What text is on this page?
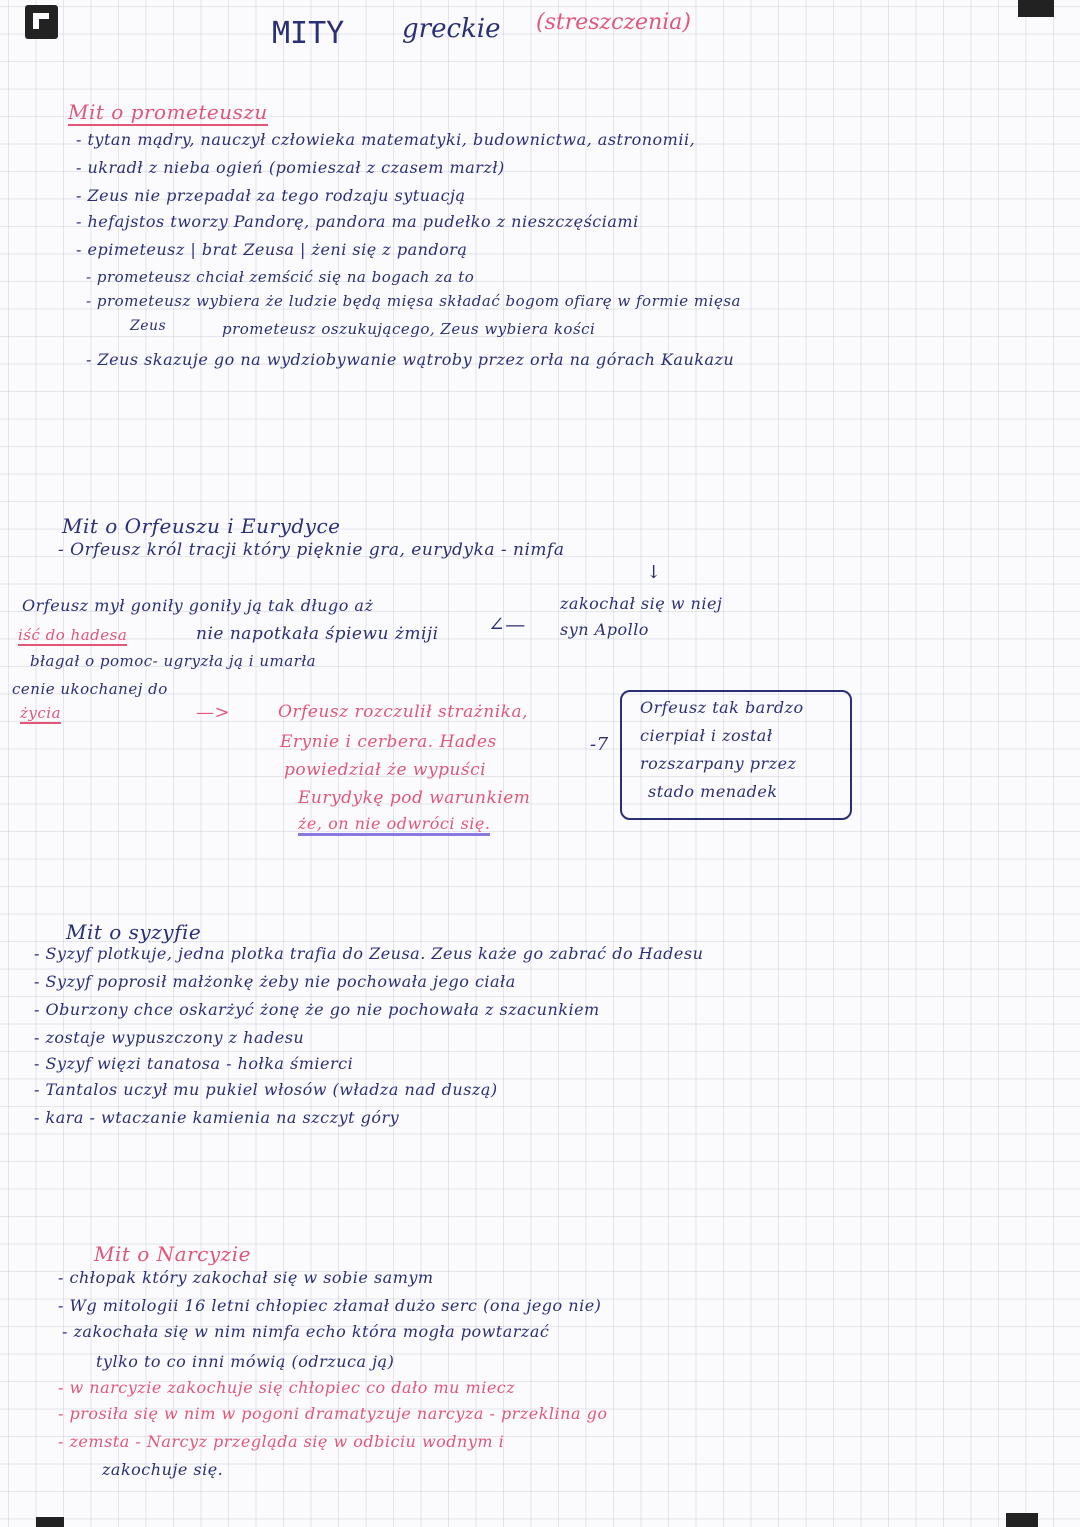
MITY greckie (streszczenia)
Mit o prometeuszu
- tytan mądry, nauczył człowieka matematyki, budownictwa, astronomii,
- ukradł z nieba ogień (pomieszał z czasem marzł)
- Zeus nie przepadał za tego rodzaju sytuacją
- hefajstos tworzy Pandorę, pandora ma pudełko z nieszczęściami
- epimeteusz | brat Zeusa | żeni się z pandorą
- prometeusz chciał zemścić się na bogach za to
- prometeusz wybiera że ludzie będą mięsa składać bogom ofiarę w formie mięsa
Zeus	prometeusz oszukującego, Zeus wybiera kości
- Zeus skazuje go na wydziobywanie wątroby przez orła na górach Kaukazu
Mit o Orfeuszu i Eurydyce
- Orfeusz król tracji który pięknie gra, eurydyka - nimfa
↓
zakochał się w niej
syn Apollo
∠—
Orfeusz mył goniły goniły ją tak długo aż
iść do hadesa	nie napotkała śpiewu żmiji
błagał o pomoc- ugryzła ją i umarła
cenie ukochanej do
życia	—>	Orfeusz rozczulił strażnika,
Erynie i cerbera. Hades
powiedział że wypuści
Eurydykę pod warunkiem
że, on nie odwróci się.
-7
Orfeusz tak bardzo
cierpiał i został
rozszarpany przez
stado menadek
Mit o syzyfie
- Syzyf plotkuje, jedna plotka trafia do Zeusa. Zeus każe go zabrać do Hadesu
- Syzyf poprosił małżonkę żeby nie pochowała jego ciała
- Oburzony chce oskarżyć żonę że go nie pochowała z szacunkiem
- zostaje wypuszczony z hadesu
- Syzyf więzi tanatosa - hołka śmierci
- Tantalos uczył mu pukiel włosów (władza nad duszą)
- kara - wtaczanie kamienia na szczyt góry
Mit o Narcyzie
- chłopak który zakochał się w sobie samym
- Wg mitologii 16 letni chłopiec złamał dużo serc (ona jego nie)
- zakochała się w nim nimfa echo która mogła powtarzać
tylko to co inni mówią (odrzuca ją)
- w narcyzie zakochuje się chłopiec co dało mu miecz
- prosiła się w nim w pogoni dramatyzuje narcyza - przeklina go
- zemsta - Narcyz przegląda się w odbiciu wodnym i
zakochuje się.
